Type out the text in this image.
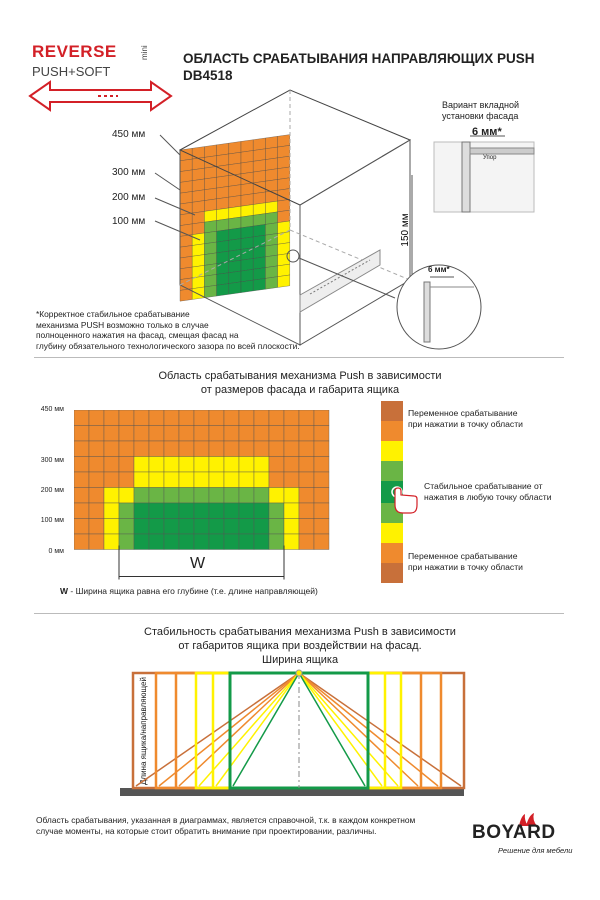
REVERSE
PUSH+SOFT
mini	ОБЛАСТЬ СРАБАТЫВАНИЯ НАПРАВЛЯЮЩИХ PUSH
DB4518
150 мм
450 мм
300 мм
200 мм
100 мм
Вариант вкладной
установки фасада
6 мм*
Упор
6 мм*
*Корректное стабильное срабатывание
механизма PUSH возможно только в случае
полноценного нажатия на фасад, смещая фасад на
глубину обязательного технологического зазора по всей плоскости.
Область срабатывания механизма Push в зависимости
от размеров фасада и габарита ящика
450 мм
300 мм
200 мм
100 мм
0 мм
W
W - Ширина ящика равна его глубине (т.е. длине направляющей)
Переменное срабатывание
при нажатии в точку области
Стабильное срабатывание от
нажатия в любую точку области
Переменное срабатывание
при нажатии в точку области
Стабильность срабатывания механизма Push в зависимости
от габаритов ящика при воздействии на фасад.
Ширина ящика
Длина ящика/направляющей
Область срабатывания, указанная в диаграммах, является справочной, т.к. в каждом конкретном
случае моменты, на которые стоит обратить внимание при проектировании, различны.	BOYARD
Решение для мебели
